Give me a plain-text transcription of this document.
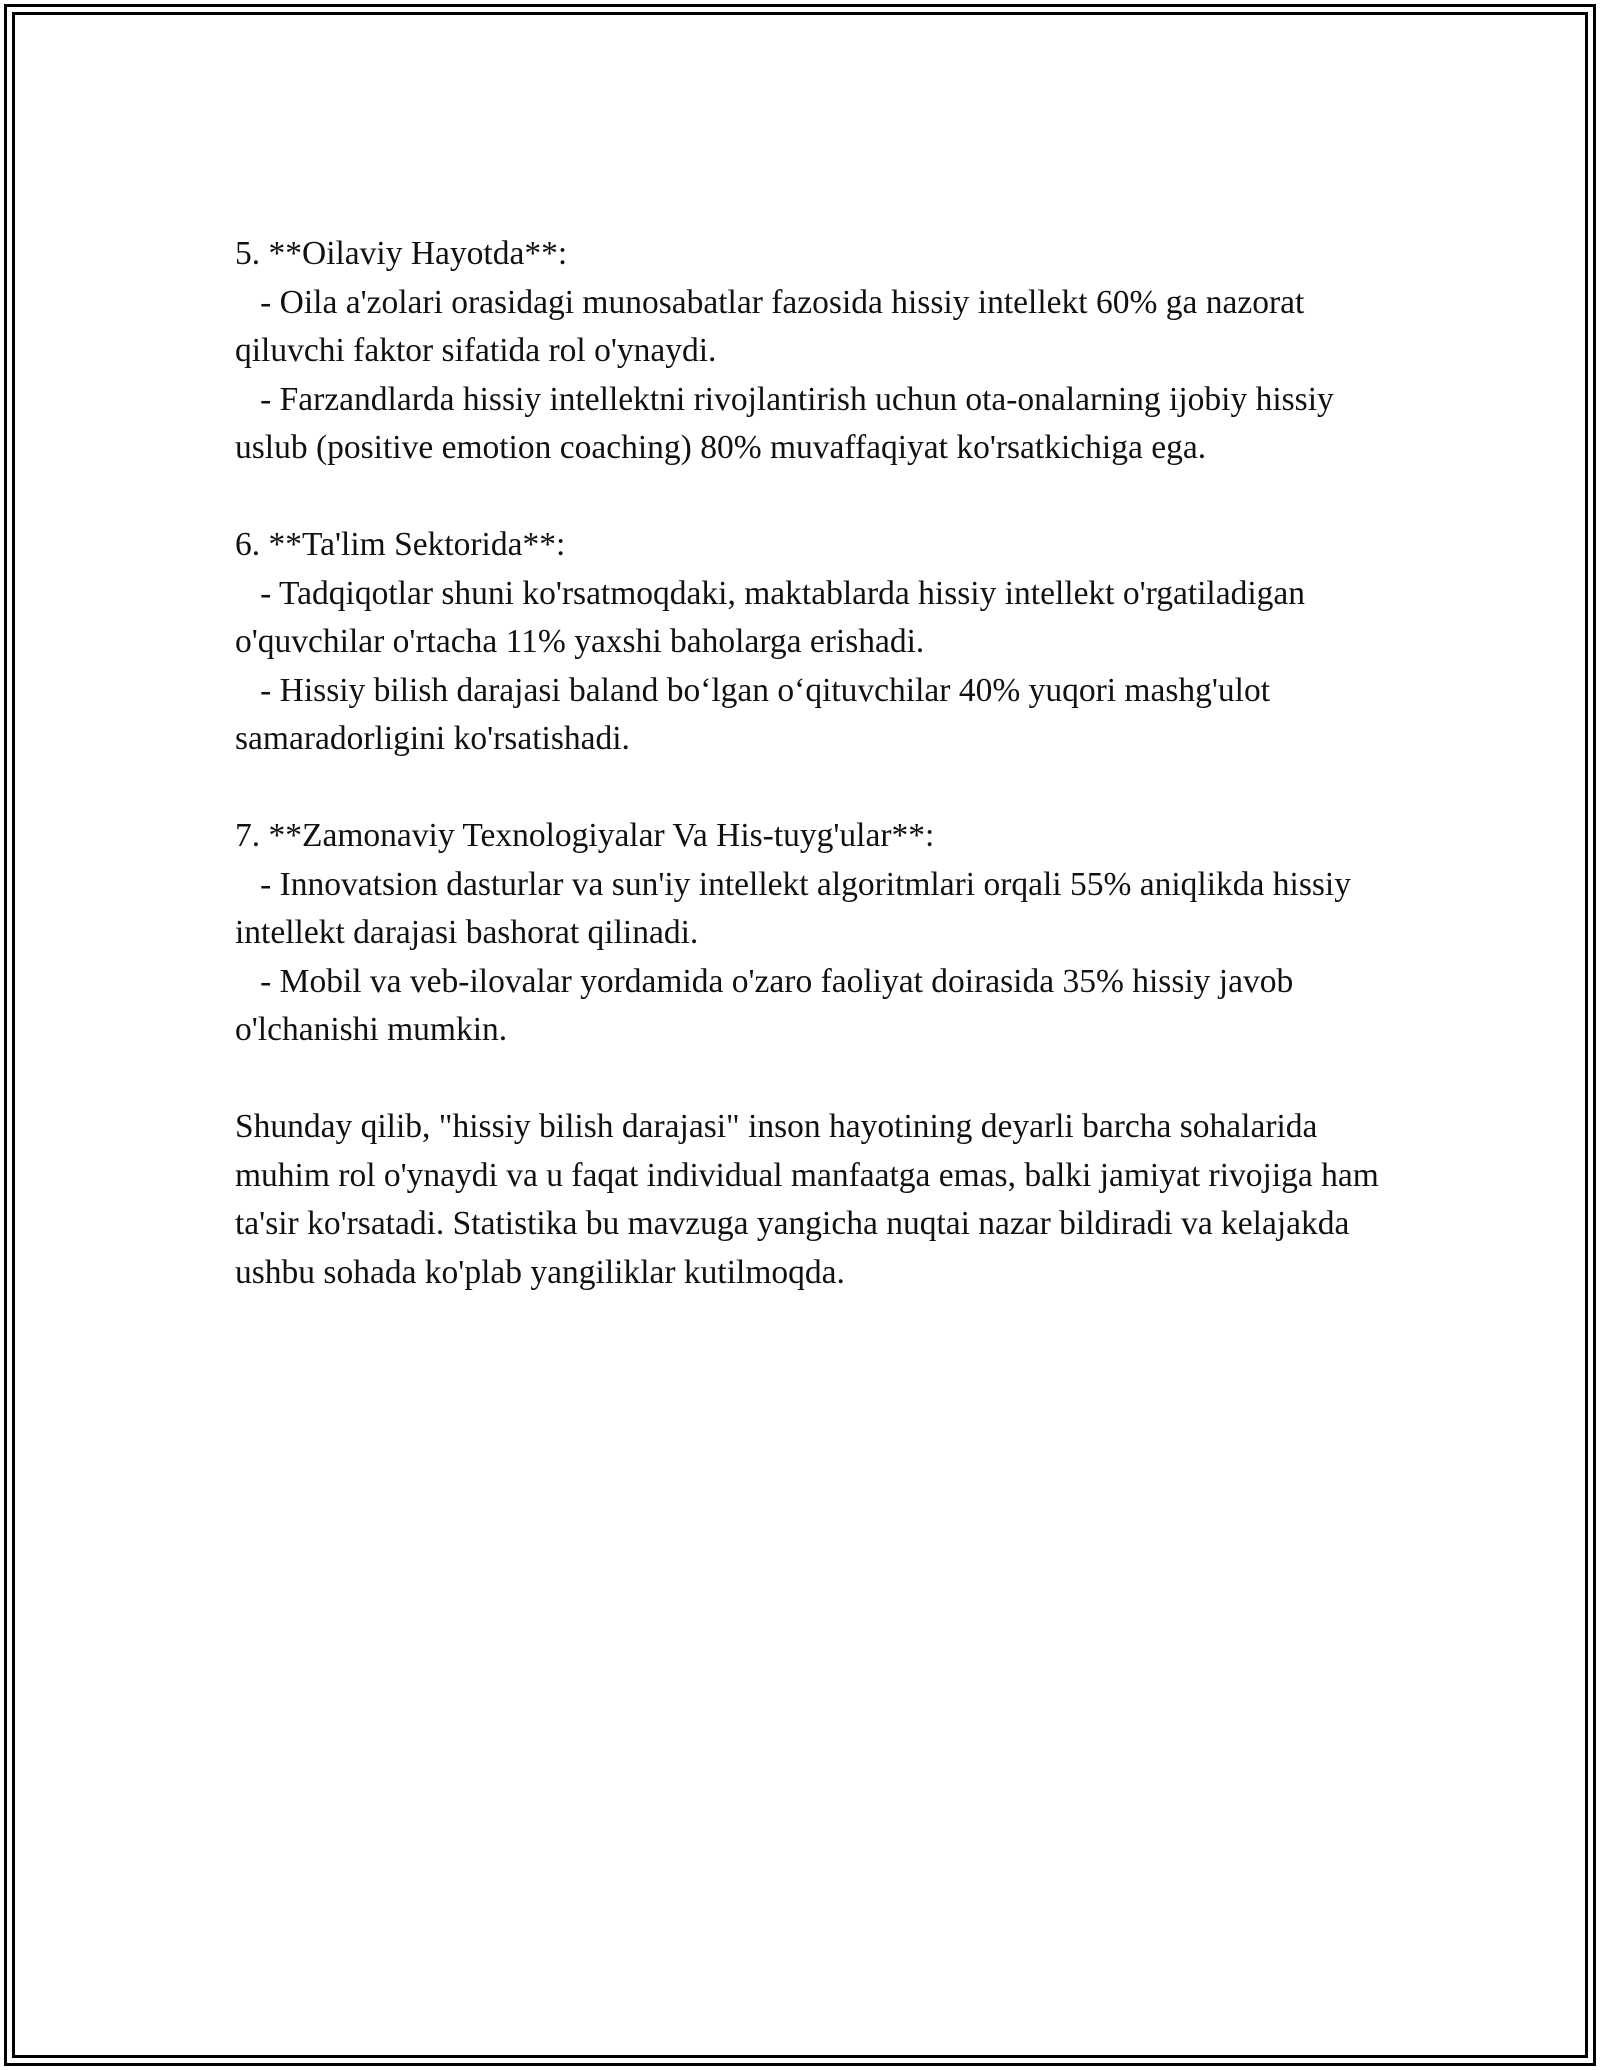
5. **Oilaviy Hayotda**:

- Oila a'zolari orasidagi munosabatlar fazosida hissiy intellekt 60% ga nazorat qiluvchi faktor sifatida rol o'ynaydi.

- Farzandlarda hissiy intellektni rivojlantirish uchun ota-onalarning ijobiy hissiy uslub (positive emotion coaching) 80% muvaffaqiyat ko'rsatkichiga ega.

6. **Ta'lim Sektorida**:

- Tadqiqotlar shuni ko'rsatmoqdaki, maktablarda hissiy intellekt o'rgatiladigan o'quvchilar o'rtacha 11% yaxshi baholarga erishadi.

- Hissiy bilish darajasi baland bo‘lgan o‘qituvchilar 40% yuqori mashg'ulot samaradorligini ko'rsatishadi.

7. **Zamonaviy Texnologiyalar Va His-tuyg'ular**:

- Innovatsion dasturlar va sun'iy intellekt algoritmlari orqali 55% aniqlikda hissiy intellekt darajasi bashorat qilinadi.

- Mobil va veb-ilovalar yordamida o'zaro faoliyat doirasida 35% hissiy javob o'lchanishi mumkin.

Shunday qilib, "hissiy bilish darajasi" inson hayotining deyarli barcha sohalarida muhim rol o'ynaydi va u faqat individual manfaatga emas, balki jamiyat rivojiga ham ta'sir ko'rsatadi. Statistika bu mavzuga yangicha nuqtai nazar bildiradi va kelajakda ushbu sohada ko'plab yangiliklar kutilmoqda.
